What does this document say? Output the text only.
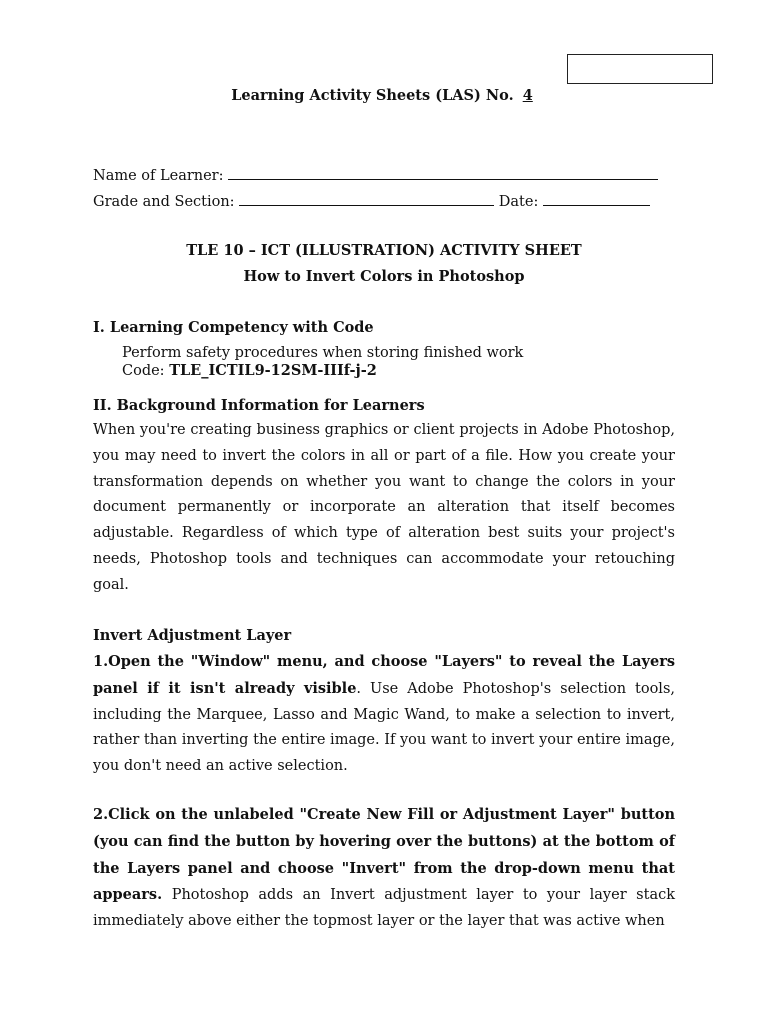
Learning Activity Sheets (LAS) No. 4
Name of Learner:
Grade and Section:	Date:
TLE 10 – ICT (ILLUSTRATION) ACTIVITY SHEET
How to Invert Colors in Photoshop
I. Learning Competency with Code
Perform safety procedures when storing finished work
Code: TLE_ICTIL9-12SM-IIIf-j-2
II. Background Information for Learners
When you're creating business graphics or client projects in Adobe Photoshop, you may need to invert the colors in all or part of a file. How you create your transformation depends on whether you want to change the colors in your document permanently or incorporate an alteration that itself becomes adjustable. Regardless of which type of alteration best suits your project's needs, Photoshop tools and techniques can accommodate your retouching goal.
Invert Adjustment Layer
1.Open the "Window" menu, and choose "Layers" to reveal the Layers panel if it isn't already visible. Use Adobe Photoshop's selection tools, including the Marquee, Lasso and Magic Wand, to make a selection to invert, rather than inverting the entire image. If you want to invert your entire image, you don't need an active selection.
2.Click on the unlabeled "Create New Fill or Adjustment Layer" button (you can find the button by hovering over the buttons) at the bottom of the Layers panel and choose "Invert" from the drop-down menu that appears. Photoshop adds an Invert adjustment layer to your layer stack immediately above either the topmost layer or the layer that was active when
